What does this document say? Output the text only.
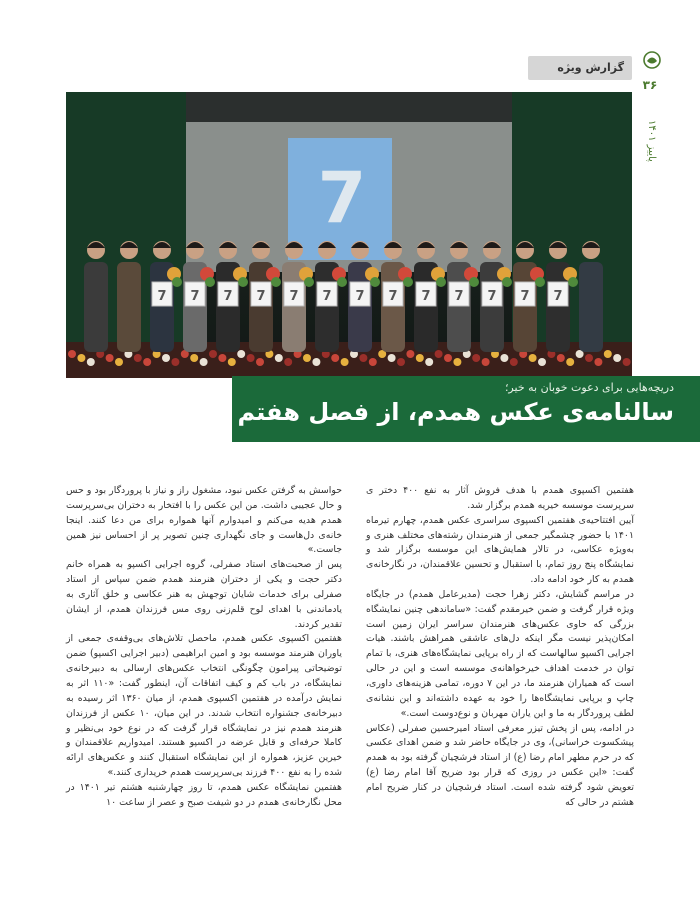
گزارش ویژه
۳۶
پاییز ۱۴۰۱
7
7 7 7 7 7 7 7 7 7 7 7 7 7
دریچه‌هایی برای دعوت خوبان به خیر؛
سالنامه‌ی عکس همدم، از فصل هفتم گذشت...

هفتمین اکسپوی همدم با هدف فروش آثار به نفع ۴۰۰ دختر ی سرپرست موسسه خیریه همدم برگزار شد.

آیین افتتاحیه‌ی هفتمین اکسپوی سراسری عکس همدم، چهارم تیرماه ۱۴۰۱ با حضور چشمگیر جمعی از هنرمندان رشته‌های مختلف هنری و به‌ویژه عکاسی، در تالار همایش‌های این موسسه برگزار شد و نمایشگاه پنج روز تمام، با استقبال و تحسین علاقمندان، در نگارخانه‌ی همدم به کار خود ادامه داد.

در مراسم گشایش، دکتر زهرا حجت (مدیرعامل همدم) در جایگاه ویژه قرار گرفت و ضمن خیرمقدم گفت: «ساماندهی چنین نمایشگاه بزرگی که حاوی عکس‌های هنرمندان سراسر ایران زمین است امکان‌پذیر نیست مگر اینکه دل‌های عاشقی همراهش باشند. هیات اجرایی اکسپو سالهاست که از راه برپایی نمایشگاه‌های هنری، با تمام توان در خدمت اهداف خیرخواهانه‌ی موسسه است و این در حالی است که همیاران هنرمند ما، در این ۷ دوره، تمامی هزینه‌های داوری، چاپ و برپایی نمایشگاه‌ها را خود به عهده داشته‌اند و این نشانه‌ی لطف پروردگار به ما و این یاران مهربان و نوع‌دوست است.»

در ادامه، پس از پخش تیزر معرفی استاد امیرحسین صفرلی (عکاس پیشکسوت خراسانی)، وی در جایگاه حاضر شد و ضمن اهدای عکسی که در حرم مطهر امام رضا (ع) از استاد فرشچیان گرفته بود به همدم گفت: «این عکس در روزی که قرار بود ضریح آقا امام رضا (ع) تعویض شود گرفته شده است. استاد فرشچیان در کنار ضریح امام هشتم در حالی که

حواسش به گرفتن عکس نبود، مشغول راز و نیاز با پروردگار بود و حس و حال عجیبی داشت. من این عکس را با افتخار به دختران بی‌سرپرست همدم هدیه می‌کنم و امیدوارم آنها همواره برای من دعا کنند. اینجا خانه‌ی دل‌هاست و جای نگهداری چنین تصویر پر از احساس نیز همین جاست.»

پس از صحبت‌های استاد صفرلی، گروه اجرایی اکسپو به همراه خانم دکتر حجت و یکی از دختران هنرمند همدم ضمن سپاس از استاد صفرلی برای خدمات شایان توجهش به هنر عکاسی و خلق آثاری به یادماندنی با اهدای لوح قلم‌زنی روی مس فرزندان همدم، از ایشان تقدیر کردند.

هفتمین اکسپوی عکس همدم، ماحصل تلاش‌های بی‌وقفه‌ی جمعی از یاوران هنرمند موسسه بود و امین ابراهیمی (دبیر اجرایی اکسپو) ضمن توضیحاتی پیرامون چگونگی انتخاب عکس‌های ارسالی به دبیرخانه‌ی نمایشگاه، در باب کم و کیف اتفاقات آن، اینطور گفت: «۱۱۰ اثر به نمایش درآمده در هفتمین اکسپوی همدم، از میان ۱۳۶۰ اثر رسیده به دبیرخانه‌ی جشنواره انتخاب شدند. در این میان، ۱۰ عکس از فرزندان هنرمند همدم نیز در نمایشگاه قرار گرفت که در نوع خود بی‌نظیر و کاملا حرفه‌ای و قابل عرضه در اکسپو هستند. امیدواریم علاقمندان و خیرین عزیز، همواره از این نمایشگاه استقبال کنند و عکس‌های ارائه شده را به نفع ۴۰۰ فرزند بی‌سرپرست همدم خریداری کنند.»

هفتمین نمایشگاه عکس همدم، تا روز چهارشنبه هشتم تیر ۱۴۰۱ در محل نگارخانه‌ی همدم در دو شیفت صبح و عصر از ساعت ۱۰
